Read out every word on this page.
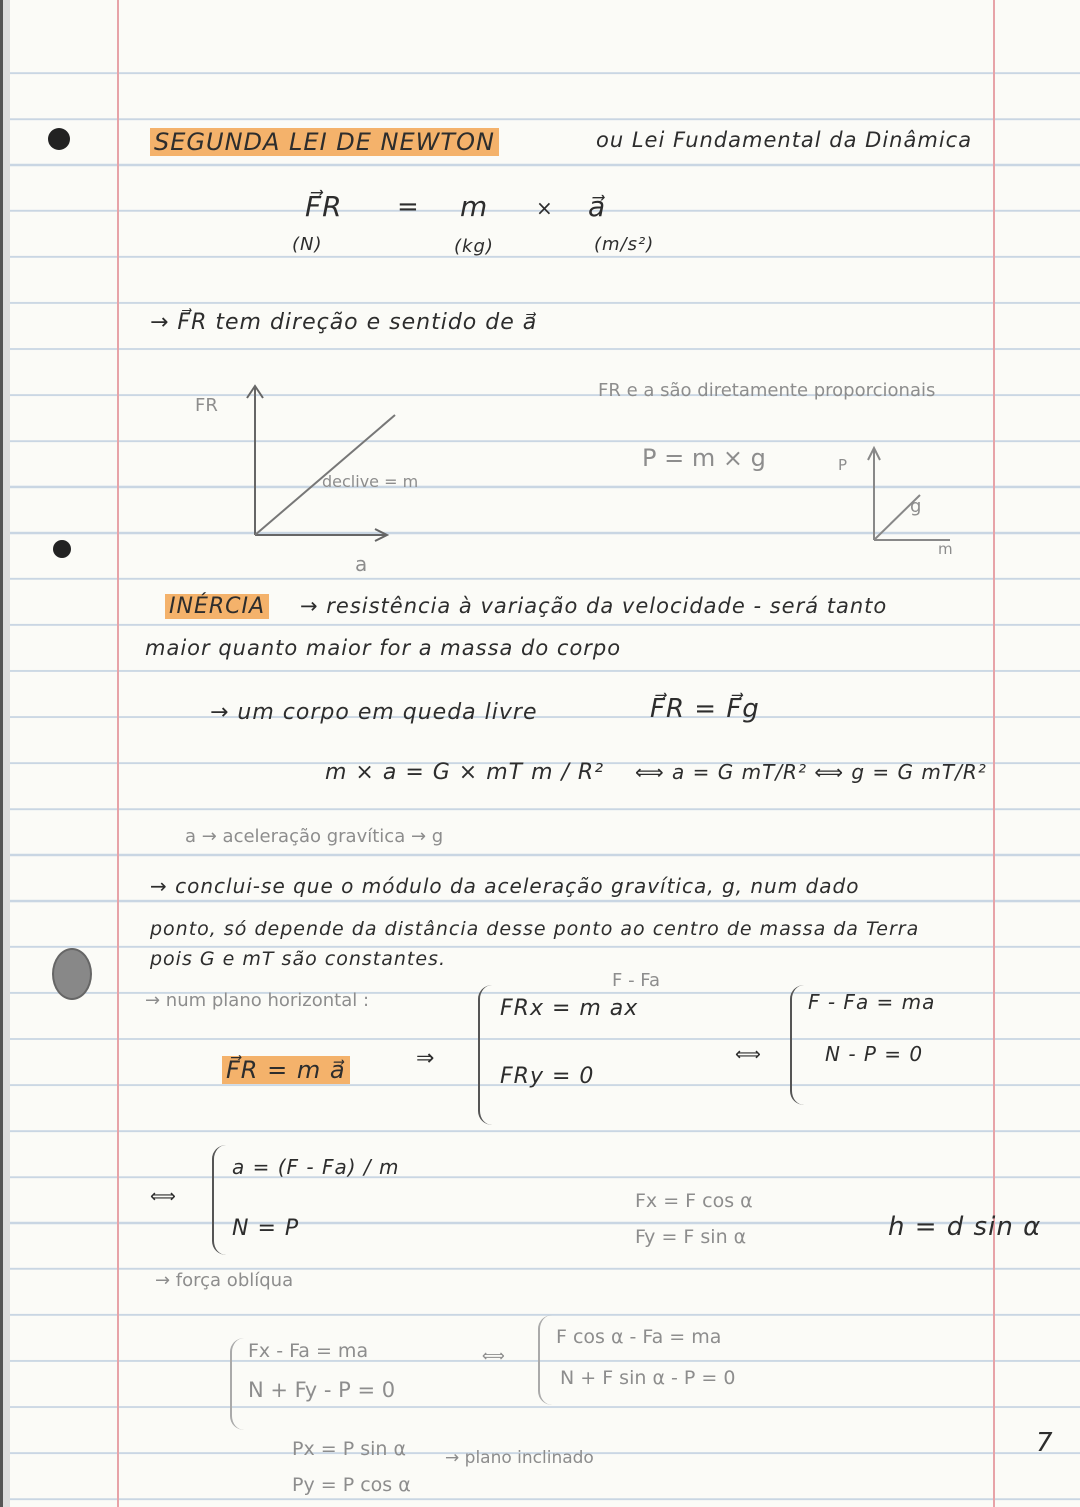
SEGUNDA LEI DE NEWTON	ou Lei Fundamental da Dinâmica
F⃗R = m × a⃗
(N)	(kg)	(m/s²)
→ F⃗R tem direção e sentido de a⃗
FR
a
declive = m
FR e a são diretamente proporcionais
P = m × g	P
m
g
INÉRCIA → resistência à variação da velocidade - será tanto
maior quanto maior for a massa do corpo
→ um corpo em queda livre	F⃗R = F⃗g
m × a = G × mT m / R² ⟺ a = G mT/R² ⟺ g = G mT/R²
a → aceleração gravítica → g
→ conclui-se que o módulo da aceleração gravítica, g, num dado
ponto, só depende da distância desse ponto ao centro de massa da Terra
pois G e mT são constantes.
→ num plano horizontal :
F⃗R = m a⃗	⇒
F - Fa
FRx = m ax
FRy = 0
⟺
F - Fa = ma
N - P = 0
⟺
a = (F - Fa) / m
N = P
Fx = F cos α
Fy = F sin α	h = d sin α
→ força oblíqua
Fx - Fa = ma
N + Fy - P = 0
⟺
F cos α - Fa = ma
N + F sin α - P = 0
Px = P sin α
Py = P cos α
→ plano inclinado	7
